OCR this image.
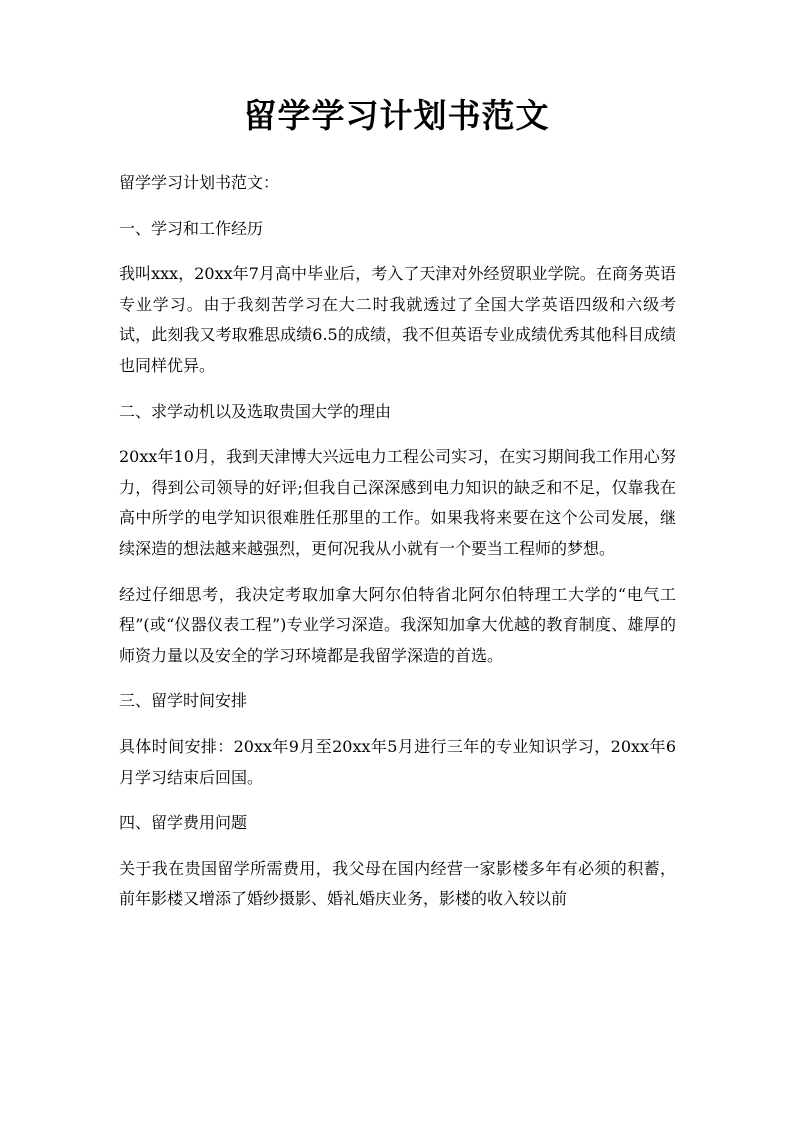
留学学习计划书范文

留学学习计划书范文：

一、学习和工作经历

我叫xxx，20xx年7月高中毕业后，考入了天津对外经贸职业学院。在商务英语专业学习。由于我刻苦学习在大二时我就透过了全国大学英语四级和六级考试，此刻我又考取雅思成绩6.5的成绩，我不但英语专业成绩优秀其他科目成绩也同样优异。

二、求学动机以及选取贵国大学的理由

20xx年10月，我到天津博大兴远电力工程公司实习，在实习期间我工作用心努力，得到公司领导的好评;但我自己深深感到电力知识的缺乏和不足，仅靠我在高中所学的电学知识很难胜任那里的工作。如果我将来要在这个公司发展，继续深造的想法越来越强烈，更何况我从小就有一个要当工程师的梦想。

经过仔细思考，我决定考取加拿大阿尔伯特省北阿尔伯特理工大学的“电气工程”(或“仪器仪表工程”)专业学习深造。我深知加拿大优越的教育制度、雄厚的师资力量以及安全的学习环境都是我留学深造的首选。

三、留学时间安排

具体时间安排：20xx年9月至20xx年5月进行三年的专业知识学习，20xx年6月学习结束后回国。

四、留学费用问题

关于我在贵国留学所需费用，我父母在国内经营一家影楼多年有必须的积蓄，前年影楼又增添了婚纱摄影、婚礼婚庆业务，影楼的收入较以前
